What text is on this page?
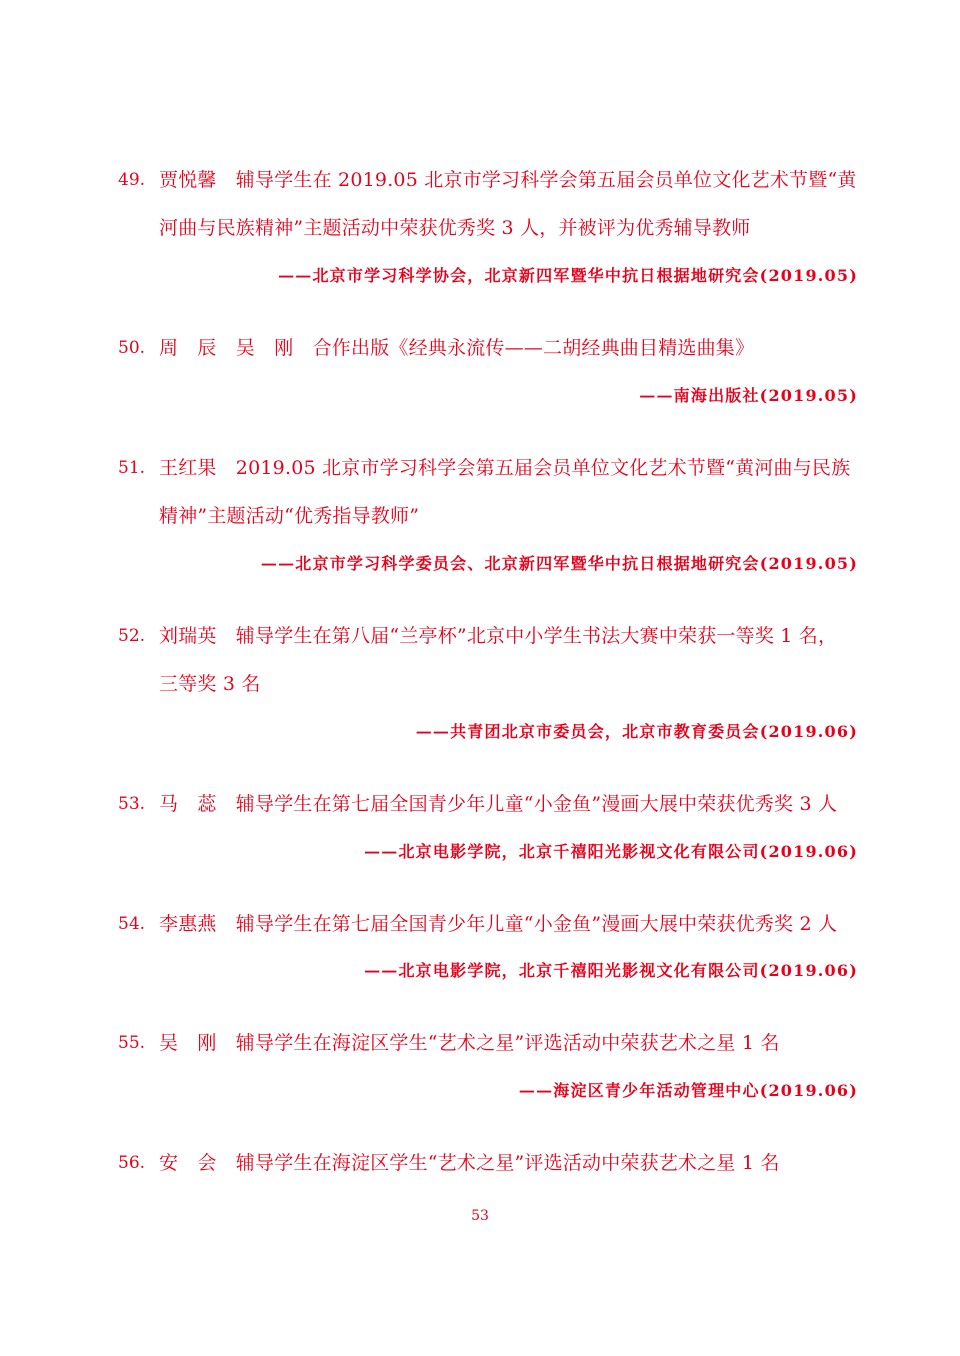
49. 贾悦馨　辅导学生在 2019.05 北京市学习科学会第五届会员单位文化艺术节暨“黄
河曲与民族精神”主题活动中荣获优秀奖 3 人，并被评为优秀辅导教师
——北京市学习科学协会，北京新四军暨华中抗日根据地研究会(2019.05)
50. 周　辰　吴　刚　合作出版《经典永流传——二胡经典曲目精选曲集》
——南海出版社(2019.05)
51. 王红果　2019.05 北京市学习科学会第五届会员单位文化艺术节暨“黄河曲与民族
精神”主题活动“优秀指导教师”
——北京市学习科学委员会、北京新四军暨华中抗日根据地研究会(2019.05)
52. 刘瑞英　辅导学生在第八届“兰亭杯”北京中小学生书法大赛中荣获一等奖 1 名，
三等奖 3 名
——共青团北京市委员会，北京市教育委员会(2019.06)
53. 马　蕊　辅导学生在第七届全国青少年儿童“小金鱼”漫画大展中荣获优秀奖 3 人
——北京电影学院，北京千禧阳光影视文化有限公司(2019.06)
54. 李惠燕　辅导学生在第七届全国青少年儿童“小金鱼”漫画大展中荣获优秀奖 2 人
——北京电影学院，北京千禧阳光影视文化有限公司(2019.06)
55. 吴　刚　辅导学生在海淀区学生“艺术之星”评选活动中荣获艺术之星 1 名
——海淀区青少年活动管理中心(2019.06)
56. 安　会　辅导学生在海淀区学生“艺术之星”评选活动中荣获艺术之星 1 名
53
